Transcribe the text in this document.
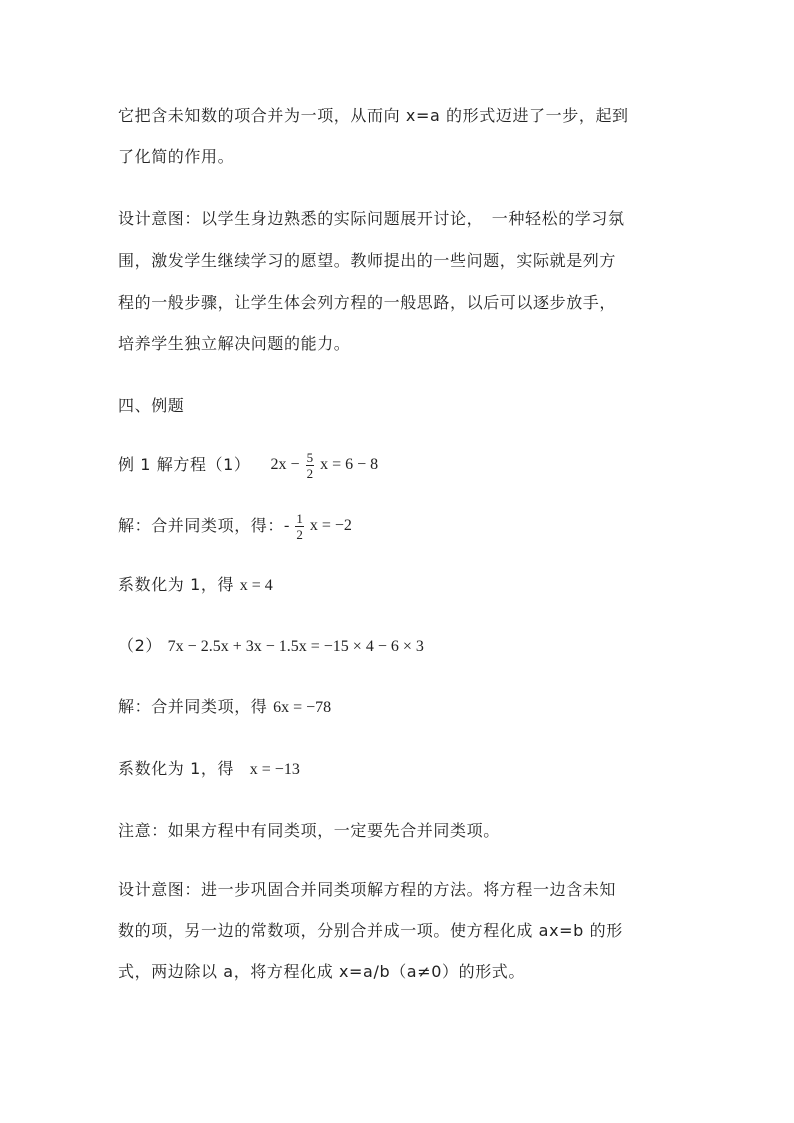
它把含未知数的项合并为一项，从而向 x=a 的形式迈进了一步，起到
了化简的作用。
设计意图：以学生身边熟悉的实际问题展开讨论，　一种轻松的学习氛
围，激发学生继续学习的愿望。教师提出的一些问题，实际就是列方
程的一般步骤，让学生体会列方程的一般思路，以后可以逐步放手，
培养学生独立解决问题的能力。
四、例题
例 1 解方程（1） $2x - \frac{5}{2}$ x = 6 − 8
解：合并同类项，得： - $\frac{1}{2}$ x = −2
系数化为 1，得 x = 4
（2） 7x − 2.5x + 3x − 1.5x = −15 × 4 − 6 × 3
解：合并同类项，得 6x = −78
系数化为 1，得 x = −13
注意：如果方程中有同类项，一定要先合并同类项。
设计意图：进一步巩固合并同类项解方程的方法。将方程一边含未知
数的项，另一边的常数项，分别合并成一项。使方程化成 ax=b 的形
式，两边除以 a，将方程化成 x=a/b（a≠0）的形式。
